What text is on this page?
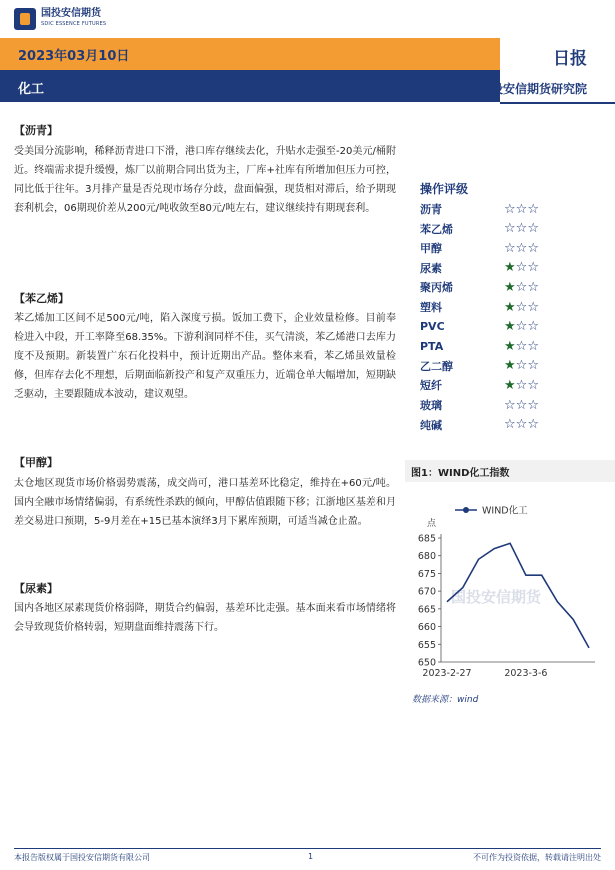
国投安信期货
SDIC ESSENCE FUTURES
2023年03月10日
化工
日报
国投安信期货研究院
【沥青】
受美国分流影响，稀释沥青进口下滑，港口库存继续去化，升贴水走强至-20美元/桶附近。终端需求提升缓慢，炼厂以前期合同出货为主，厂库+社库有所增加但压力可控，同比低于往年。3月排产量是否兑现市场存分歧，盘面偏强，现货相对滞后，给予期现套利机会，06期现价差从200元/吨收敛至80元/吨左右，建议继续持有期现套利。
【苯乙烯】
苯乙烯加工区间不足500元/吨，陷入深度亏损。饭加工费下，企业效量检修。目前奉检进入中段，开工率降至68.35%。下游利润同样不佳，买气清淡，苯乙烯港口去库力度不及预期。新装置广东石化投料中，预计近期出产品。整体来看，苯乙烯虽效量检修，但库存去化不理想，后期面临新投产和复产双重压力，近端仓单大幅增加，短期缺乏驱动，主要跟随成本波动，建议观望。
【甲醇】
太仓地区现货市场价格弱势震荡，成交尚可，港口基差环比稳定，维持在+60元/吨。国内全融市场情绪偏弱，有系统性杀跌的倾向，甲醇估值跟随下移；江浙地区基差和月差交易进口预期，5-9月差在+15已基本演绎3月下累库预期，可适当减仓止盈。
【尿素】
国内各地区尿素现货价格弱降，期货合约偏弱，基差环比走强。基本面来看市场情绪将会导致现货价格转弱，短期盘面维持震荡下行。
操作评级
沥青	☆ ☆ ☆
苯乙烯	☆ ☆ ☆
甲醇	☆ ☆ ☆
尿素	★ ☆ ☆
聚丙烯	★ ☆ ☆
塑料	★ ☆ ☆
PVC	★ ☆ ☆
PTA	★ ☆ ☆
乙二醇	★ ☆ ☆
短纤	★ ☆ ☆
玻璃	☆ ☆ ☆
纯碱	☆ ☆ ☆
图1：WIND化工指数
国投安信期货
650
655
660
665
670
675
680
685
点
2023-2-27	2023-3-6
WIND化工
数据来源：wind
本报告版权属于国投安信期货有限公司	1	不可作为投资依据，转载请注明出处
